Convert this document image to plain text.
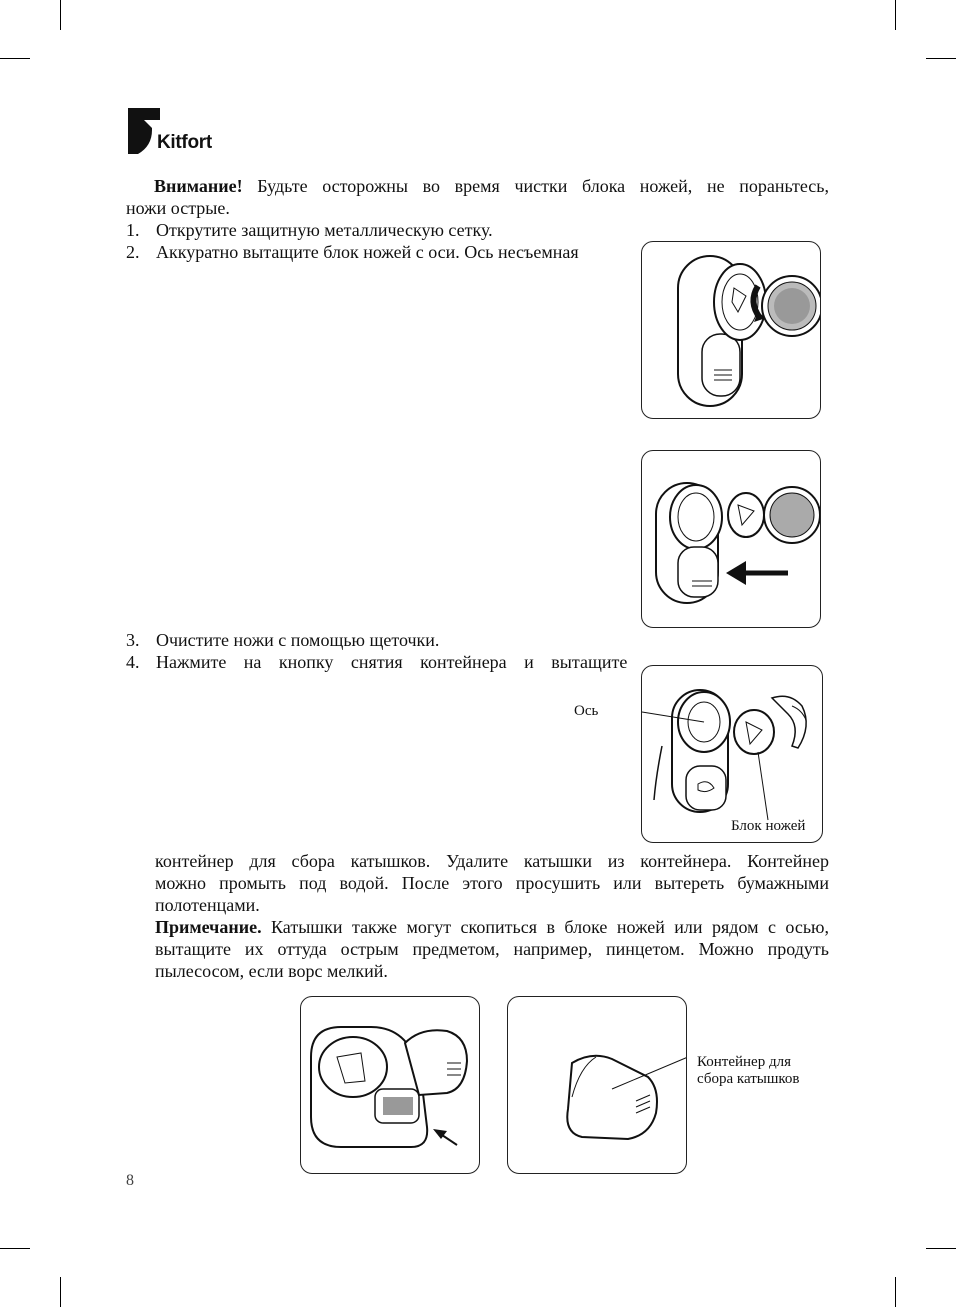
Kitfort
Внимание! Будьте осторожны во время чистки блока ножей, не пораньтесь,
ножи острые.
1. Открутите защитную металлическую сетку.
2. Аккуратно вытащите блок ножей с оси. Ось несъемная
3. Очистите ножи с помощью щеточки.
4. Нажмите на кнопку снятия контейнера и вытащите
Ось
Блок ножей
контейнер для сбора катышков. Удалите катышки из контейнера. Контейнер
можно промыть под водой. После этого просушить или вытереть бумажными
полотенцами.
Примечание. Катышки также могут скопиться в блоке ножей или рядом с осью,
вытащите их оттуда острым предметом, например, пинцетом. Можно продуть
пылесосом, если ворс мелкий.
Контейнер для
сбора катышков
8
